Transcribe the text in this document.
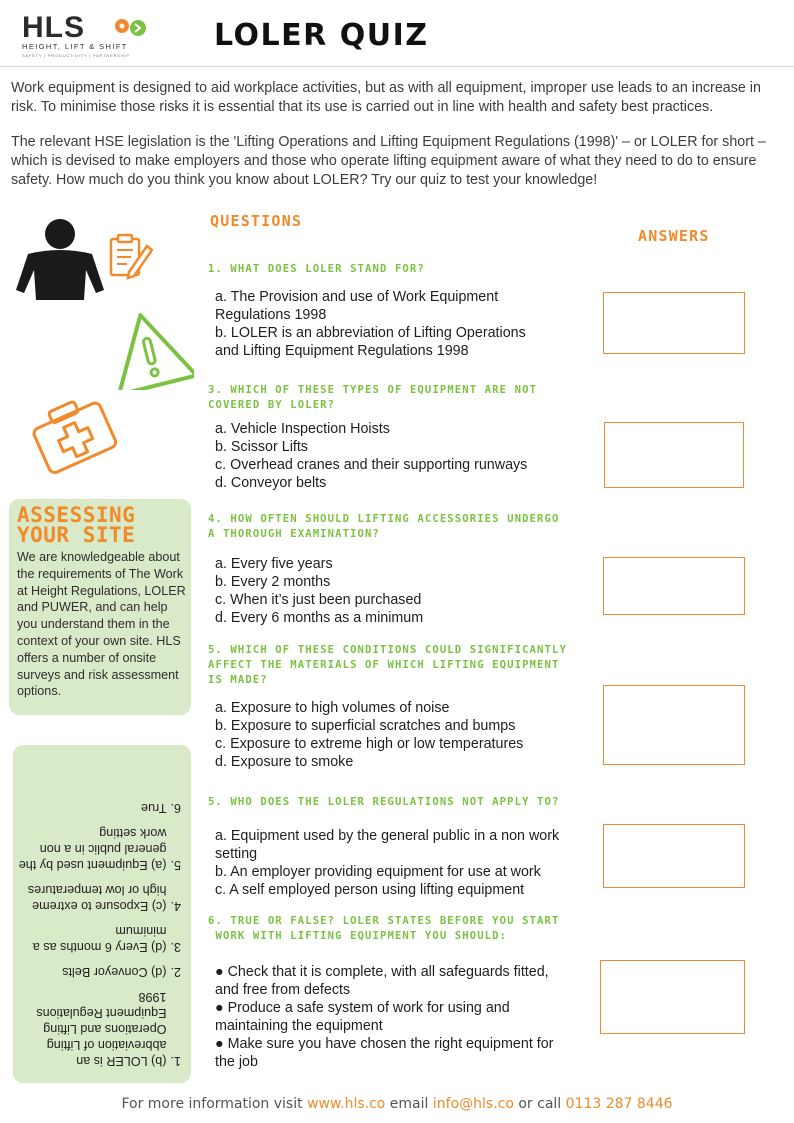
HLS
HEIGHT, LIFT & SHIFT
SAFETY | PRODUCTIVITY | PARTNERSHIP
LOLER QUIZ

Work equipment is designed to aid workplace activities, but as with all equipment, improper use leads to an increase in risk. To minimise those risks it is essential that its use is carried out in line with health and safety best practices.

The relevant HSE legislation is the 'Lifting Operations and Lifting Equipment Regulations (1998)' – or LOLER for short – which is devised to make employers and those who operate lifting equipment aware of what they need to do to ensure safety. How much do you think you know about LOLER? Try our quiz to test your knowledge!

QUESTIONS
ANSWERS
1. WHAT DOES LOLER STAND FOR?
a. The Provision and use of Work Equipment
Regulations 1998
b. LOLER is an abbreviation of Lifting Operations
and Lifting Equipment Regulations 1998
3. WHICH OF THESE TYPES OF EQUIPMENT ARE NOT
COVERED BY LOLER?
a. Vehicle Inspection Hoists
b. Scissor Lifts
c. Overhead cranes and their supporting runways
d. Conveyor belts
4. HOW OFTEN SHOULD LIFTING ACCESSORIES UNDERGO
A THOROUGH EXAMINATION?
a. Every five years
b. Every 2 months
c. When it’s just been purchased
d. Every 6 months as a minimum
5. WHICH OF THESE CONDITIONS COULD SIGNIFICANTLY
AFFECT THE MATERIALS OF WHICH LIFTING EQUIPMENT
IS MADE?
a. Exposure to high volumes of noise
b. Exposure to superficial scratches and bumps
c. Exposure to extreme high or low temperatures
d. Exposure to smoke
5. WHO DOES THE LOLER REGULATIONS NOT APPLY TO?
a. Equipment used by the general public in a non work
setting
b. An employer providing equipment for use at work
c. A self employed person using lifting equipment
6. TRUE OR FALSE? LOLER STATES BEFORE YOU START
WORK WITH LIFTING EQUIPMENT YOU SHOULD:
● Check that it is complete, with all safeguards fitted,
and free from defects
● Produce a safe system of work for using and
maintaining the equipment
● Make sure you have chosen the right equipment for
the job
ASSESSING
YOUR SITE

We are knowledgeable about the requirements of The Work at Height Regulations, LOLER and PUWER, and can help you understand them in the context of your own site. HLS offers a number of onsite surveys and risk assessment options.

1.
(b) LOLER is an abbreviation of Lifting Operations and Lifting Equipment Regulations 1998
2.
(d) Conveyor Belts
3.
(d) Every 6 months as a minimum
4.
(c) Exposure to extreme high or low temperatures
5.
(a) Equipment used by the general public in a non work setting
6.
True
For more information visit www.hls.co email info@hls.co or call 0113 287 8446
